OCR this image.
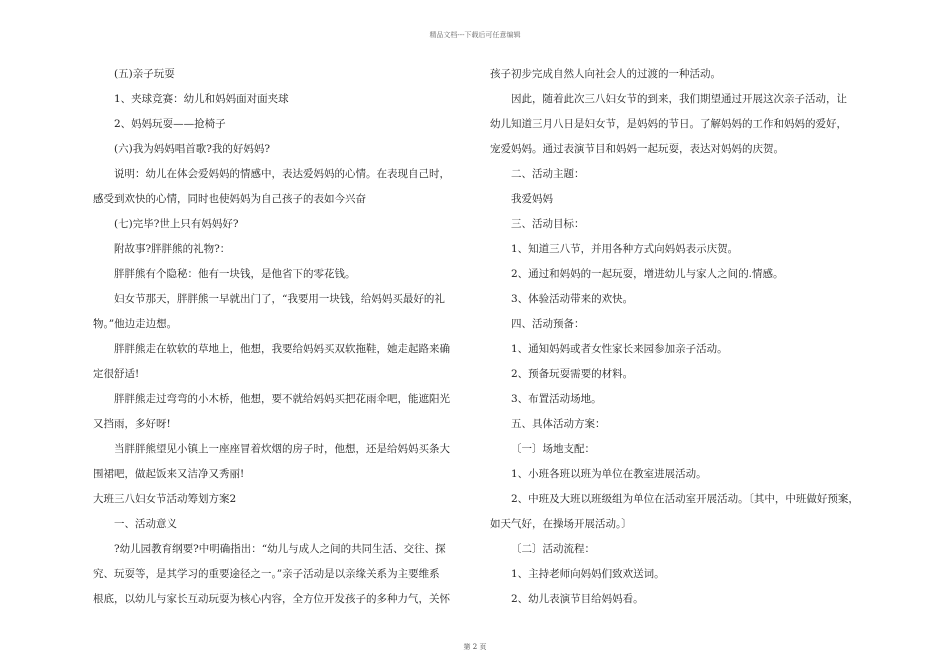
精品文档---下载后可任意编辑

(五)亲子玩耍

1、夹球竞赛：幼儿和妈妈面对面夹球

2、妈妈玩耍——抢椅子

(六)我为妈妈唱首歌?我的好妈妈?

说明：幼儿在体会爱妈妈的情感中，表达爱妈妈的心情。在表现自己时，

感受到欢快的心情，同时也使妈妈为自己孩子的表如今兴奋

(七)完毕?世上只有妈妈好?

附故事?胖胖熊的礼物?：

胖胖熊有个隐秘：他有一块钱，是他省下的零花钱。

妇女节那天，胖胖熊一早就出门了，“我要用一块钱，给妈妈买最好的礼

物。”他边走边想。

胖胖熊走在软软的草地上，他想，我要给妈妈买双软拖鞋，她走起路来确

定很舒适!

胖胖熊走过弯弯的小木桥，他想，要不就给妈妈买把花雨伞吧，能遮阳光

又挡雨，多好呀!

当胖胖熊望见小镇上一座座冒着炊烟的房子时，他想，还是给妈妈买条大

围裙吧，做起饭来又洁净又秀丽!

大班三八妇女节活动筹划方案2

一、活动意义

?幼儿园教育纲要?中明确指出：“幼儿与成人之间的共同生活、交往、探

究、玩耍等，是其学习的重要途径之一。”亲子活动是以亲缘关系为主要维系

根底，以幼儿与家长互动玩耍为核心内容，全方位开发孩子的多种力气，关怀

孩子初步完成自然人向社会人的过渡的一种活动。

因此，随着此次三八妇女节的到来，我们期望通过开展这次亲子活动，让

幼儿知道三月八日是妇女节，是妈妈的节日。了解妈妈的工作和妈妈的爱好，

宠爱妈妈。通过表演节目和妈妈一起玩耍，表达对妈妈的庆贺。

二、活动主题：

我爱妈妈

三、活动目标：

1、知道三八节，并用各种方式向妈妈表示庆贺。

2、通过和妈妈的一起玩耍，增进幼儿与家人之间的.情感。

3、体验活动带来的欢快。

四、活动预备：

1、通知妈妈或者女性家长来园参加亲子活动。

2、预备玩耍需要的材料。

3、布置活动场地。

五、具体活动方案：

〔一〕场地支配：

1、小班各班以班为单位在教室进展活动。

2、中班及大班以班级组为单位在活动室开展活动。〔其中，中班做好预案，

如天气好，在操场开展活动。〕

〔二〕活动流程：

1、主持老师向妈妈们致欢送词。

2、幼儿表演节目给妈妈看。

第 2 页
